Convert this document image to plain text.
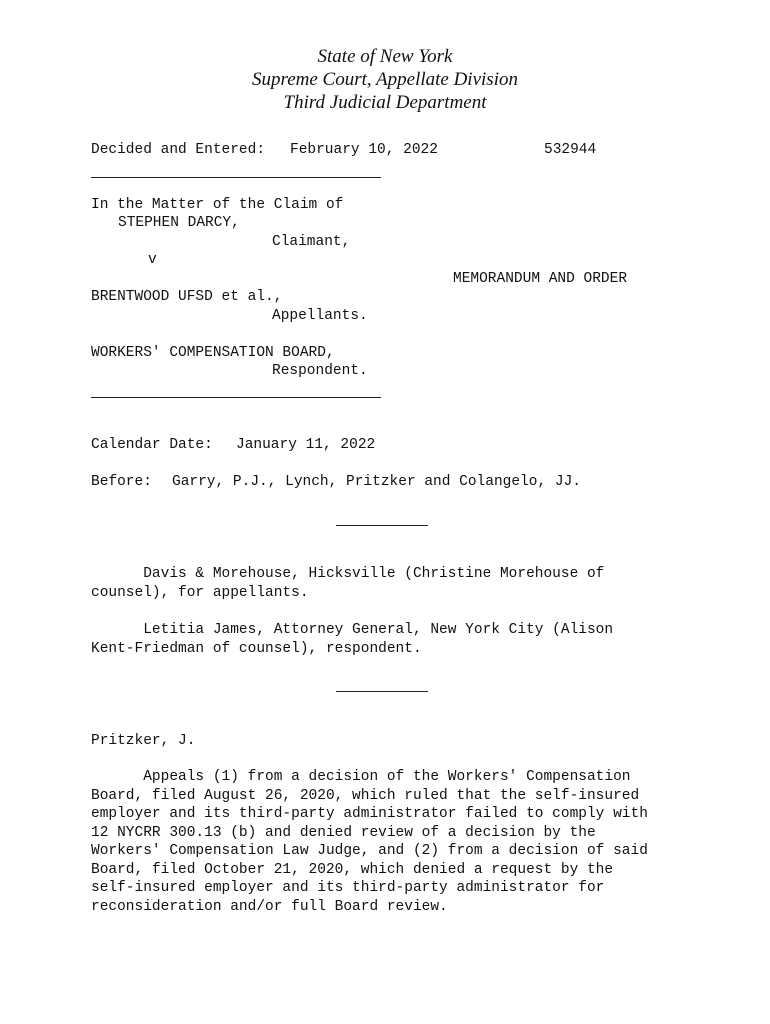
State of New York
Supreme Court, Appellate Division
Third Judicial Department
Decided and Entered: February 10, 2022	532944
In the Matter of the Claim of
STEPHEN DARCY,
Claimant,
v
MEMORANDUM AND ORDER
BRENTWOOD UFSD et al.,
Appellants.
WORKERS' COMPENSATION BOARD,
Respondent.
Calendar Date: January 11, 2022
Before: Garry, P.J., Lynch, Pritzker and Colangelo, JJ.
Davis & Morehouse, Hicksville (Christine Morehouse of
counsel), for appellants.
Letitia James, Attorney General, New York City (Alison
Kent-Friedman of counsel), respondent.
Pritzker, J.
Appeals (1) from a decision of the Workers' Compensation
Board, filed August 26, 2020, which ruled that the self-insured
employer and its third-party administrator failed to comply with
12 NYCRR 300.13 (b) and denied review of a decision by the
Workers' Compensation Law Judge, and (2) from a decision of said
Board, filed October 21, 2020, which denied a request by the
self-insured employer and its third-party administrator for
reconsideration and/or full Board review.
